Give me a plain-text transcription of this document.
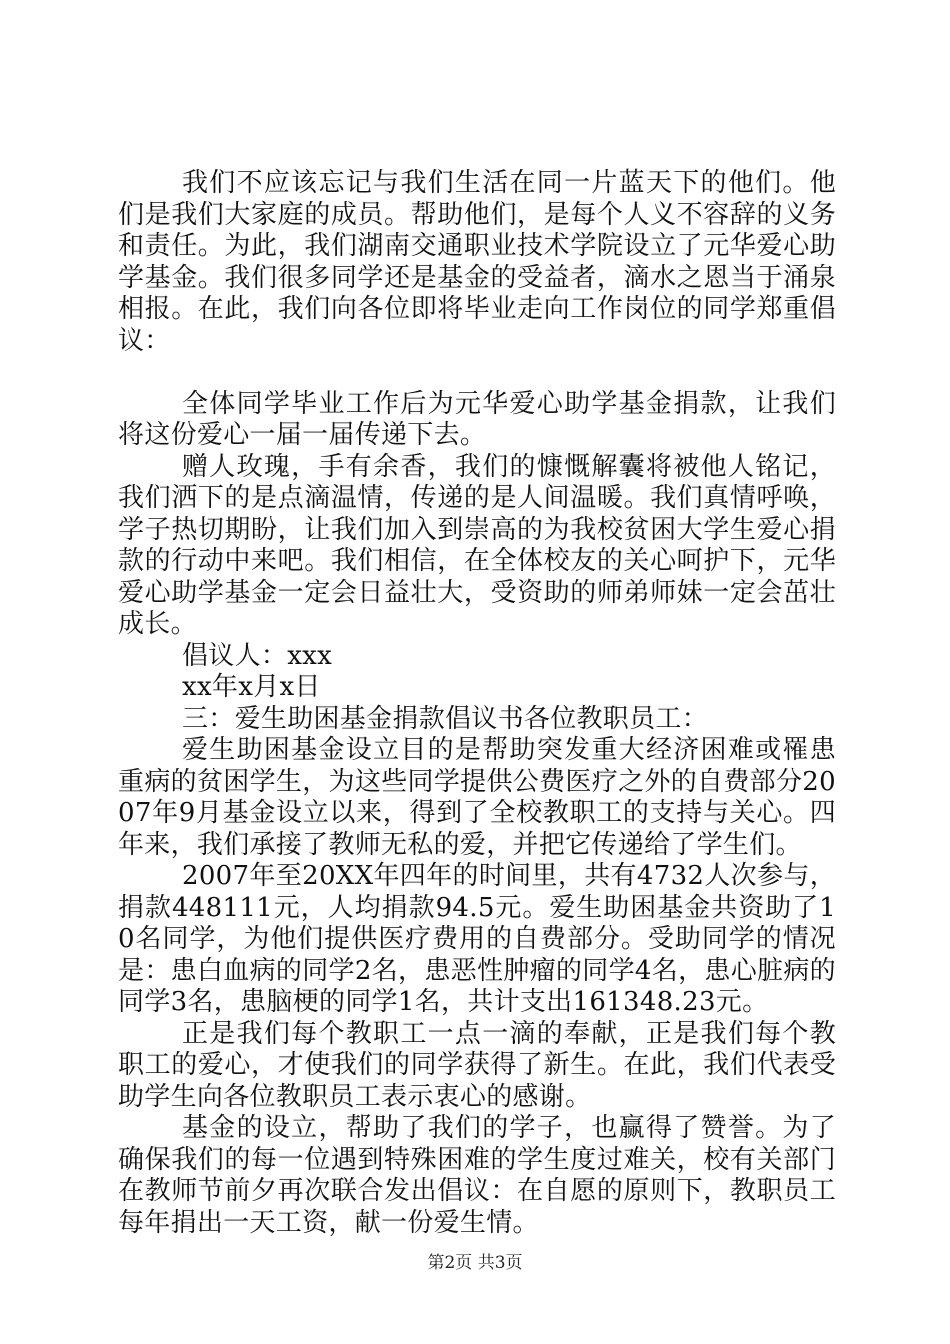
我们不应该忘记与我们生活在同一片蓝天下的他们。他们是我们大家庭的成员。帮助他们，是每个人义不容辞的义务和责任。为此，我们湖南交通职业技术学院设立了元华爱心助学基金。我们很多同学还是基金的受益者，滴水之恩当于涌泉相报。在此，我们向各位即将毕业走向工作岗位的同学郑重倡议：

全体同学毕业工作后为元华爱心助学基金捐款，让我们将这份爱心一届一届传递下去。

赠人玫瑰，手有余香，我们的慷慨解囊将被他人铭记，我们洒下的是点滴温情，传递的是人间温暖。我们真情呼唤，学子热切期盼，让我们加入到崇高的为我校贫困大学生爱心捐款的行动中来吧。我们相信，在全体校友的关心呵护下，元华爱心助学基金一定会日益壮大，受资助的师弟师妹一定会茁壮成长。

倡议人：xxx

xx年x月x日

三：爱生助困基金捐款倡议书各位教职员工：

爱生助困基金设立目的是帮助突发重大经济困难或罹患重病的贫困学生，为这些同学提供公费医疗之外的自费部分2007年9月基金设立以来，得到了全校教职工的支持与关心。四年来，我们承接了教师无私的爱，并把它传递给了学生们。

2007年至20XX年四年的时间里，共有4732人次参与，捐款448111元，人均捐款94.5元。爱生助困基金共资助了10名同学，为他们提供医疗费用的自费部分。受助同学的情况是：患白血病的同学2名，患恶性肿瘤的同学4名，患心脏病的同学3名，患脑梗的同学1名，共计支出161348.23元。

正是我们每个教职工一点一滴的奉献，正是我们每个教职工的爱心，才使我们的同学获得了新生。在此，我们代表受助学生向各位教职员工表示衷心的感谢。

基金的设立，帮助了我们的学子，也赢得了赞誉。为了确保我们的每一位遇到特殊困难的学生度过难关，校有关部门在教师节前夕再次联合发出倡议：在自愿的原则下，教职员工每年捐出一天工资，献一份爱生情。

第2页 共3页
